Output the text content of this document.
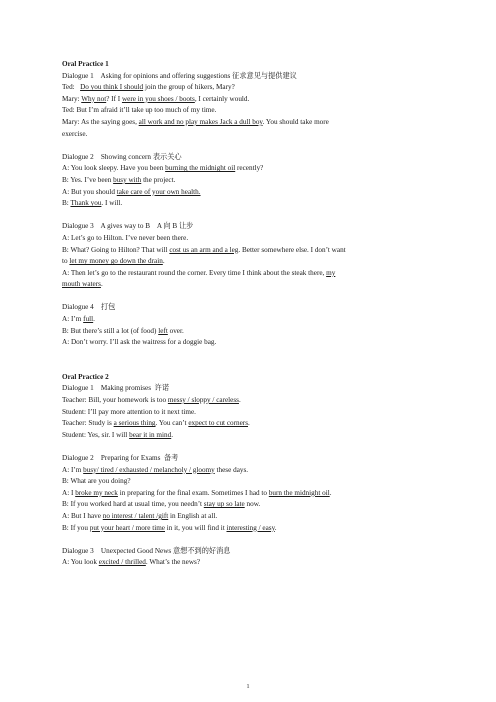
Oral Practice 1

Dialogue 1    Asking for opinions and offering suggestions 征求意见与提供建议

Ted:   Do you think I should join the group of hikers, Mary?

Mary: Why not? If I were in you shoes / boots, I certainly would.

Ted: But I’m afraid it’ll take up too much of my time.

Mary: As the saying goes, all work and no play makes Jack a dull boy. You should take more

exercise.

Dialogue 2    Showing concern 表示关心

A: You look sleepy. Have you been burning the midnight oil recently?

B: Yes. I’ve been busy with the project.

A: But you should take care of your own health.

B: Thank you. I will.

Dialogue 3    A gives way to B    A 向 B 让步

A: Let’s go to Hilton. I’ve never been there.

B: What? Going to Hilton? That will cost us an arm and a leg. Better somewhere else. I don’t want

to let my money go down the drain.

A: Then let’s go to the restaurant round the corner. Every time I think about the steak there, my

mouth waters.

Dialogue 4    打包

A: I’m full.

B: But there’s still a lot (of food) left over.

A: Don’t worry. I’ll ask the waitress for a doggie bag.

Oral Practice 2

Dialogue 1    Making promises  许诺

Teacher: Bill, your homework is too messy / sloppy / careless.

Student: I’ll pay more attention to it next time.

Teacher: Study is a serious thing. You can’t expect to cut corners.

Student: Yes, sir. I will bear it in mind.

Dialogue 2    Preparing for Exams  备考

A: I’m busy/ tired / exhausted / melancholy / gloomy these days.

B: What are you doing?

A: I broke my neck in preparing for the final exam. Sometimes I had to burn the midnight oil.

B: If you worked hard at usual time, you needn’t stay up so late now.

A: But I have no interest / talent /gift in English at all.

B: If you put your heart / more time in it, you will find it interesting / easy.

Dialogue 3    Unexpected Good News 意想不到的好消息

A: You look excited / thrilled. What’s the news?

1
